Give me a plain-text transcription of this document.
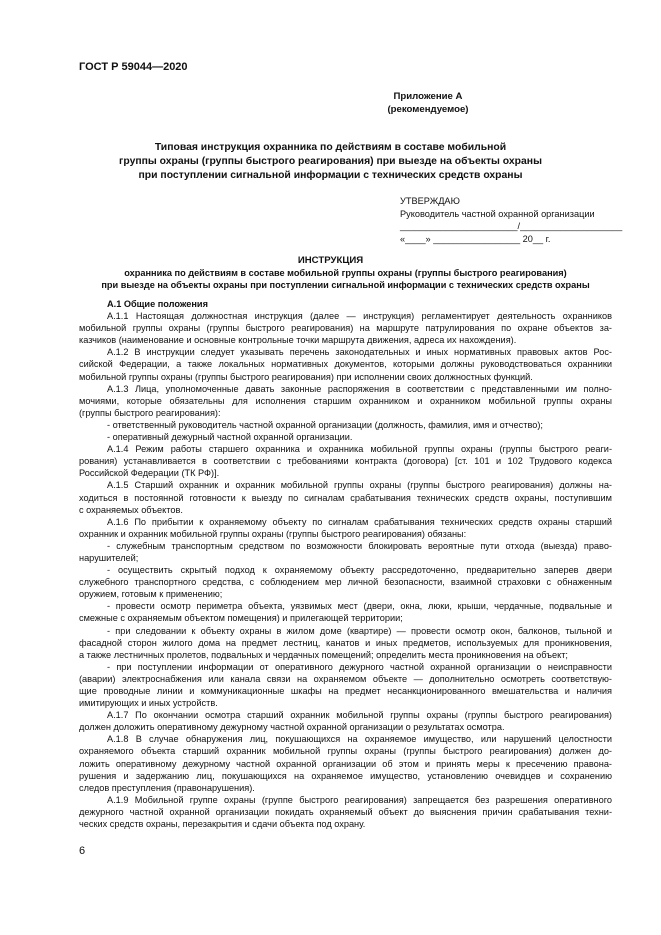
ГОСТ Р 59044—2020
Приложение А
(рекомендуемое)
Типовая инструкция охранника по действиям в составе мобильной
группы охраны (группы быстрого реагирования) при выезде на объекты охраны
при поступлении сигнальной информации с технических средств охраны
УТВЕРЖДАЮ
Руководитель частной охранной организации
_______________________/____________________
«____» _________________ 20__ г.
ИНСТРУКЦИЯ
охранника по действиям в составе мобильной группы охраны (группы быстрого реагирования)
при выезде на объекты охраны при поступлении сигнальной информации с технических средств охраны
А.1 Общие положения
А.1.1 Настоящая должностная инструкция (далее — инструкция) регламентирует деятельность охранников
мобильной группы охраны (группы быстрого реагирования) на маршруте патрулирования по охране объектов за-
казчиков (наименование и основные контрольные точки маршрута движения, адреса их нахождения).
А.1.2 В инструкции следует указывать перечень законодательных и иных нормативных правовых актов Рос-
сийской Федерации, а также локальных нормативных документов, которыми должны руководствоваться охранники
мобильной группы охраны (группы быстрого реагирования) при исполнении своих должностных функций.
А.1.3 Лица, уполномоченные давать законные распоряжения в соответствии с представленными им полно-
мочиями, которые обязательны для исполнения старшим охранником и охранником мобильной группы охраны
(группы быстрого реагирования):
- ответственный руководитель частной охранной организации (должность, фамилия, имя и отчество);
- оперативный дежурный частной охранной организации.
А.1.4 Режим работы старшего охранника и охранника мобильной группы охраны (группы быстрого реаги-
рования) устанавливается в соответствии с требованиями контракта (договора) [ст. 101 и 102 Трудового кодекса
Российской Федерации (ТК РФ)].
А.1.5 Старший охранник и охранник мобильной группы охраны (группы быстрого реагирования) должны на-
ходиться в постоянной готовности к выезду по сигналам срабатывания технических средств охраны, поступившим
с охраняемых объектов.
А.1.6 По прибытии к охраняемому объекту по сигналам срабатывания технических средств охраны старший
охранник и охранник мобильной группы охраны (группы быстрого реагирования) обязаны:
- служебным транспортным средством по возможности блокировать вероятные пути отхода (выезда) право-
нарушителей;
- осуществить скрытый подход к охраняемому объекту рассредоточенно, предварительно заперев двери
служебного транспортного средства, с соблюдением мер личной безопасности, взаимной страховки с обнаженным
оружием, готовым к применению;
- провести осмотр периметра объекта, уязвимых мест (двери, окна, люки, крыши, чердачные, подвальные и
смежные с охраняемым объектом помещения) и прилегающей территории;
- при следовании к объекту охраны в жилом доме (квартире) — провести осмотр окон, балконов, тыльной и
фасадной сторон жилого дома на предмет лестниц, канатов и иных предметов, используемых для проникновения,
а также лестничных пролетов, подвальных и чердачных помещений; определить места проникновения на объект;
- при поступлении информации от оперативного дежурного частной охранной организации о неисправности
(аварии) электроснабжения или канала связи на охраняемом объекте — дополнительно осмотреть соответствую-
щие проводные линии и коммуникационные шкафы на предмет несанкционированного вмешательства и наличия
имитирующих и иных устройств.
А.1.7 По окончании осмотра старший охранник мобильной группы охраны (группы быстрого реагирования)
должен доложить оперативному дежурному частной охранной организации о результатах осмотра.
А.1.8 В случае обнаружения лиц, покушающихся на охраняемое имущество, или нарушений целостности
охраняемого объекта старший охранник мобильной группы охраны (группы быстрого реагирования) должен до-
ложить оперативному дежурному частной охранной организации об этом и принять меры к пресечению правона-
рушения и задержанию лиц, покушающихся на охраняемое имущество, установлению очевидцев и сохранению
следов преступления (правонарушения).
А.1.9 Мобильной группе охраны (группе быстрого реагирования) запрещается без разрешения оперативного
дежурного частной охранной организации покидать охраняемый объект до выяснения причин срабатывания техни-
ческих средств охраны, перезакрытия и сдачи объекта под охрану.
6
